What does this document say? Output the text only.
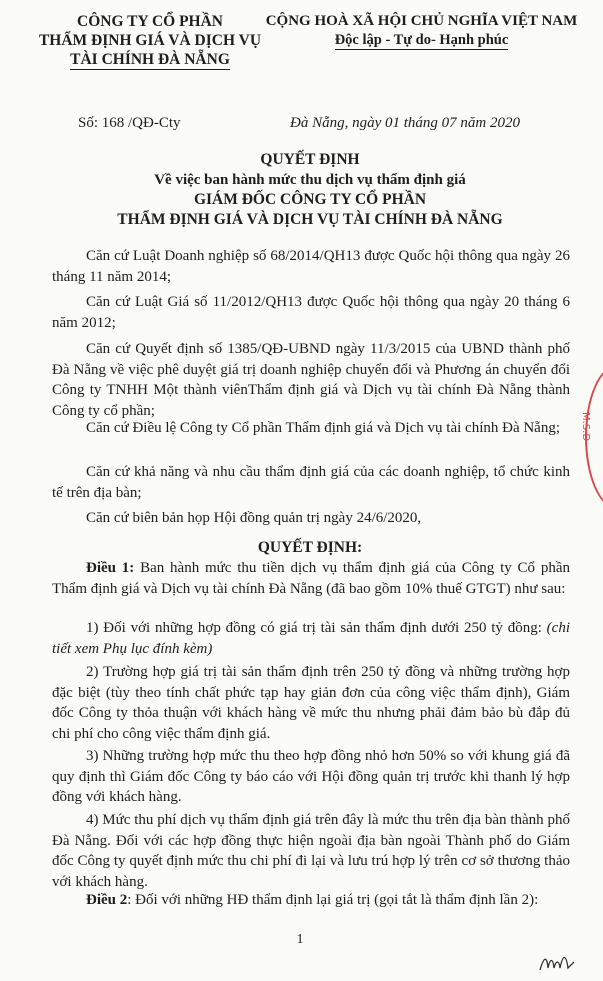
CÔNG TY CỔ PHẦN

THẨM ĐỊNH GIÁ VÀ DỊCH VỤ

TÀI CHÍNH ĐÀ NẴNG

Số: 168 /QĐ-Cty

CỘNG HOÀ XÃ HỘI CHỦ NGHĨA VIỆT NAM

Độc lập - Tự do- Hạnh phúc

Đà Nẵng, ngày 01 tháng 07 năm 2020

QUYẾT ĐỊNH

Về việc ban hành mức thu dịch vụ thẩm định giá

GIÁM ĐỐC CÔNG TY CỔ PHẦN

THẨM ĐỊNH GIÁ VÀ DỊCH VỤ TÀI CHÍNH ĐÀ NẴNG

Căn cứ Luật Doanh nghiệp số 68/2014/QH13 được Quốc hội thông qua ngày 26 tháng 11 năm 2014;

Căn cứ Luật Giá số 11/2012/QH13 được Quốc hội thông qua ngày 20 tháng 6 năm 2012;

Căn cứ Quyết định số 1385/QĐ-UBND ngày 11/3/2015 của UBND thành phố Đà Nẵng về việc phê duyệt giá trị doanh nghiệp chuyển đổi và Phương án chuyển đổi Công ty TNHH Một thành viênThẩm định giá và Dịch vụ tài chính Đà Nẵng thành Công ty cổ phần;

Căn cứ Điều lệ Công ty Cổ phần Thẩm định giá và Dịch vụ tài chính Đà Nẵng;

Căn cứ khả năng và nhu cầu thẩm định giá của các doanh nghiệp, tổ chức kinh tế trên địa bàn;

Căn cứ biên bản họp Hội đồng quản trị ngày 24/6/2020,

QUYẾT ĐỊNH:

Điều 1: Ban hành mức thu tiền dịch vụ thẩm định giá của Công ty Cổ phần Thẩm định giá và Dịch vụ tài chính Đà Nẵng (đã bao gồm 10% thuế GTGT) như sau:

1) Đối với những hợp đồng có giá trị tài sản thẩm định dưới 250 tỷ đồng: (chi tiết xem Phụ lục đính kèm)

2) Trường hợp giá trị tài sản thẩm định trên 250 tỷ đồng và những trường hợp đặc biệt (tùy theo tính chất phức tạp hay giản đơn của công việc thẩm định), Giám đốc Công ty thỏa thuận với khách hàng về mức thu nhưng phải đảm bảo bù đắp đủ chi phí cho công việc thẩm định giá.

3) Những trường hợp mức thu theo hợp đồng nhỏ hơn 50% so với khung giá đã quy định thì Giám đốc Công ty báo cáo với Hội đồng quản trị trước khi thanh lý hợp đồng với khách hàng.

4) Mức thu phí dịch vụ thẩm định giá trên đây là mức thu trên địa bàn thành phố Đà Nẵng. Đối với các hợp đồng thực hiện ngoài địa bàn ngoài Thành phố do Giám đốc Công ty quyết định mức thu chi phí đi lại và lưu trú hợp lý trên cơ sở thương thảo với khách hàng.

Điều 2: Đối với những HĐ thẩm định lại giá trị (gọi tắt là thẩm định lần 2):

1
M.S.D
